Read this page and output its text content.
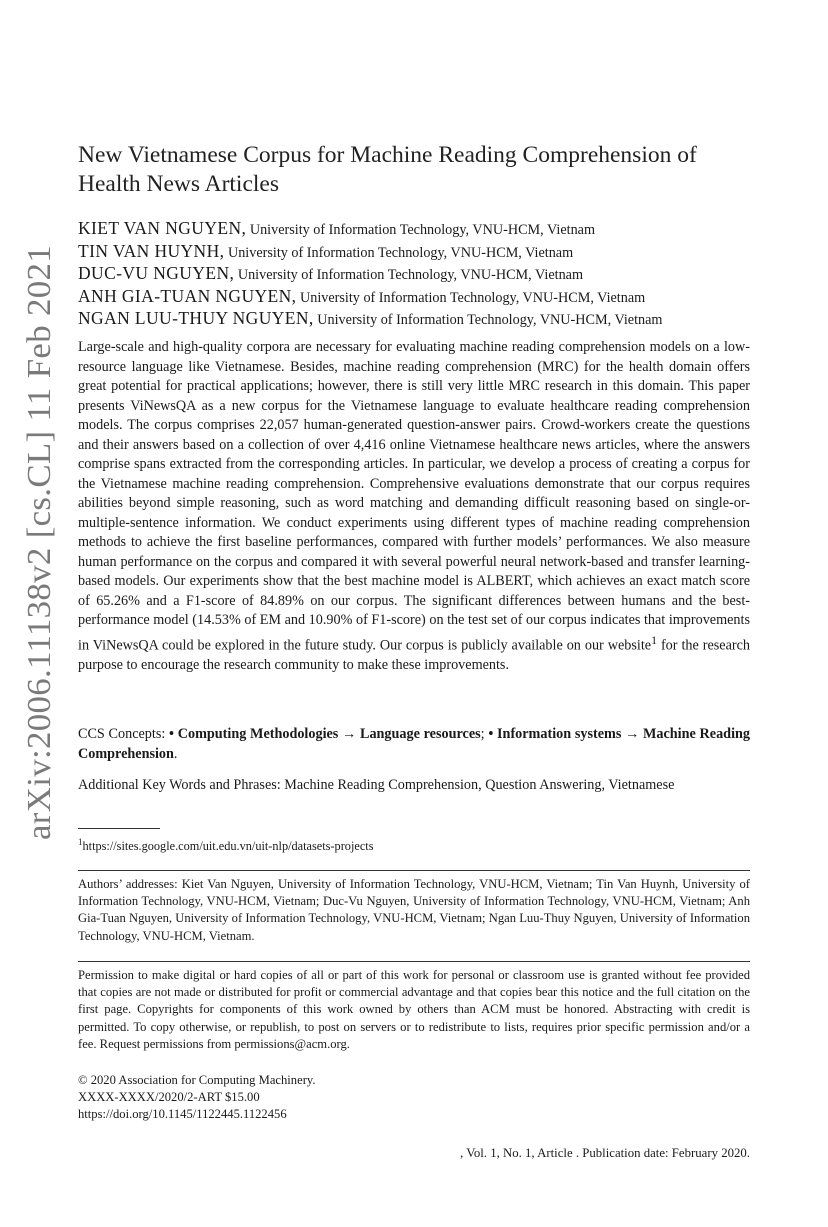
arXiv:2006.11138v2 [cs.CL] 11 Feb 2021
New Vietnamese Corpus for Machine Reading Comprehension of Health News Articles
KIET VAN NGUYEN, University of Information Technology, VNU-HCM, Vietnam
TIN VAN HUYNH, University of Information Technology, VNU-HCM, Vietnam
DUC-VU NGUYEN, University of Information Technology, VNU-HCM, Vietnam
ANH GIA-TUAN NGUYEN, University of Information Technology, VNU-HCM, Vietnam
NGAN LUU-THUY NGUYEN, University of Information Technology, VNU-HCM, Vietnam
Large-scale and high-quality corpora are necessary for evaluating machine reading comprehension models on a low-resource language like Vietnamese. Besides, machine reading comprehension (MRC) for the health domain offers great potential for practical applications; however, there is still very little MRC research in this domain. This paper presents ViNewsQA as a new corpus for the Vietnamese language to evaluate healthcare reading comprehension models. The corpus comprises 22,057 human-generated question-answer pairs. Crowd-workers create the questions and their answers based on a collection of over 4,416 online Vietnamese healthcare news articles, where the answers comprise spans extracted from the corresponding articles. In particular, we develop a process of creating a corpus for the Vietnamese machine reading comprehension. Comprehensive evaluations demonstrate that our corpus requires abilities beyond simple reasoning, such as word matching and demanding difficult reasoning based on single-or-multiple-sentence information. We conduct experiments using different types of machine reading comprehension methods to achieve the first baseline performances, compared with further models’ performances. We also measure human performance on the corpus and compared it with several powerful neural network-based and transfer learning-based models. Our experiments show that the best machine model is ALBERT, which achieves an exact match score of 65.26% and a F1-score of 84.89% on our corpus. The significant differences between humans and the best-performance model (14.53% of EM and 10.90% of F1-score) on the test set of our corpus indicates that improvements in ViNewsQA could be explored in the future study. Our corpus is publicly available on our website$^1$ for the research purpose to encourage the research community to make these improvements.
CCS Concepts: • Computing Methodologies → Language resources; • Information systems → Machine Reading Comprehension.
Additional Key Words and Phrases: Machine Reading Comprehension, Question Answering, Vietnamese
$^1$https://sites.google.com/uit.edu.vn/uit-nlp/datasets-projects
Authors’ addresses: Kiet Van Nguyen, University of Information Technology, VNU-HCM, Vietnam; Tin Van Huynh, University of Information Technology, VNU-HCM, Vietnam; Duc-Vu Nguyen, University of Information Technology, VNU-HCM, Vietnam; Anh Gia-Tuan Nguyen, University of Information Technology, VNU-HCM, Vietnam; Ngan Luu-Thuy Nguyen, University of Information Technology, VNU-HCM, Vietnam.
Permission to make digital or hard copies of all or part of this work for personal or classroom use is granted without fee provided that copies are not made or distributed for profit or commercial advantage and that copies bear this notice and the full citation on the first page. Copyrights for components of this work owned by others than ACM must be honored. Abstracting with credit is permitted. To copy otherwise, or republish, to post on servers or to redistribute to lists, requires prior specific permission and/or a fee. Request permissions from permissions@acm.org.
© 2020 Association for Computing Machinery.
XXXX-XXXX/2020/2-ART $15.00
https://doi.org/10.1145/1122445.1122456
, Vol. 1, No. 1, Article . Publication date: February 2020.
